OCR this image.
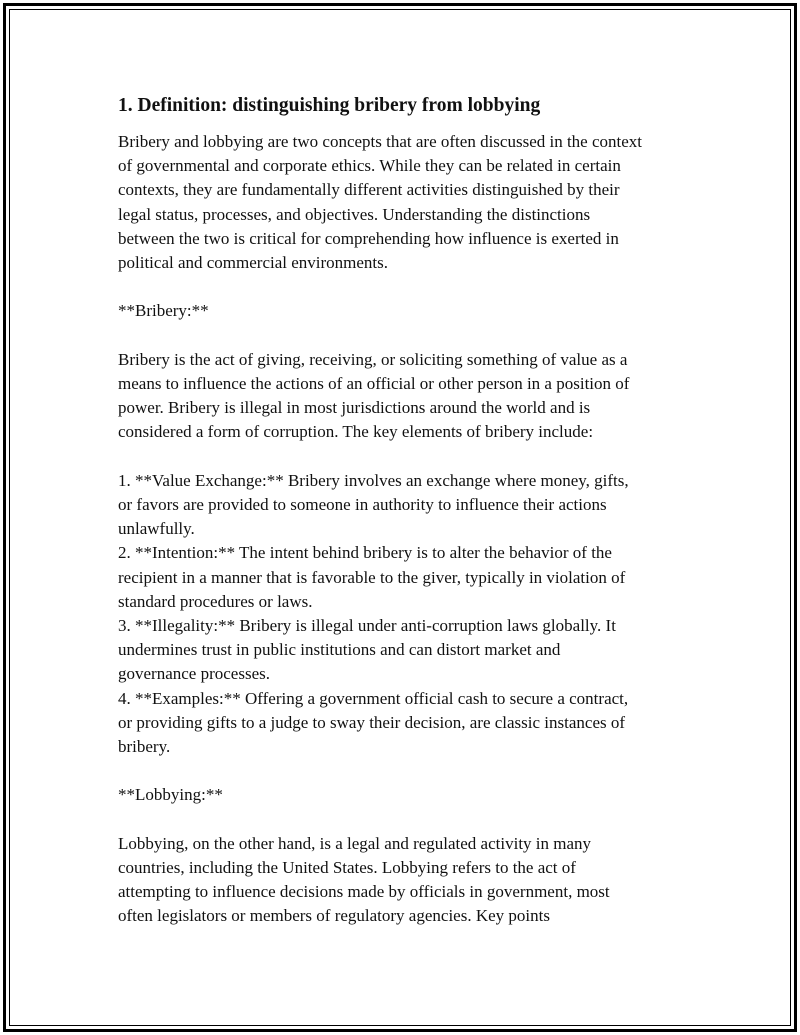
1. Definition: distinguishing bribery from lobbying

Bribery and lobbying are two concepts that are often discussed in the context
of governmental and corporate ethics. While they can be related in certain
contexts, they are fundamentally different activities distinguished by their
legal status, processes, and objectives. Understanding the distinctions
between the two is critical for comprehending how influence is exerted in
political and commercial environments.

**Bribery:**

Bribery is the act of giving, receiving, or soliciting something of value as a
means to influence the actions of an official or other person in a position of
power. Bribery is illegal in most jurisdictions around the world and is
considered a form of corruption. The key elements of bribery include:

1. **Value Exchange:** Bribery involves an exchange where money, gifts,
or favors are provided to someone in authority to influence their actions
unlawfully.
2. **Intention:** The intent behind bribery is to alter the behavior of the
recipient in a manner that is favorable to the giver, typically in violation of
standard procedures or laws.
3. **Illegality:** Bribery is illegal under anti-corruption laws globally. It
undermines trust in public institutions and can distort market and
governance processes.
4. **Examples:** Offering a government official cash to secure a contract,
or providing gifts to a judge to sway their decision, are classic instances of
bribery.

**Lobbying:**

Lobbying, on the other hand, is a legal and regulated activity in many
countries, including the United States. Lobbying refers to the act of
attempting to influence decisions made by officials in government, most
often legislators or members of regulatory agencies. Key points
